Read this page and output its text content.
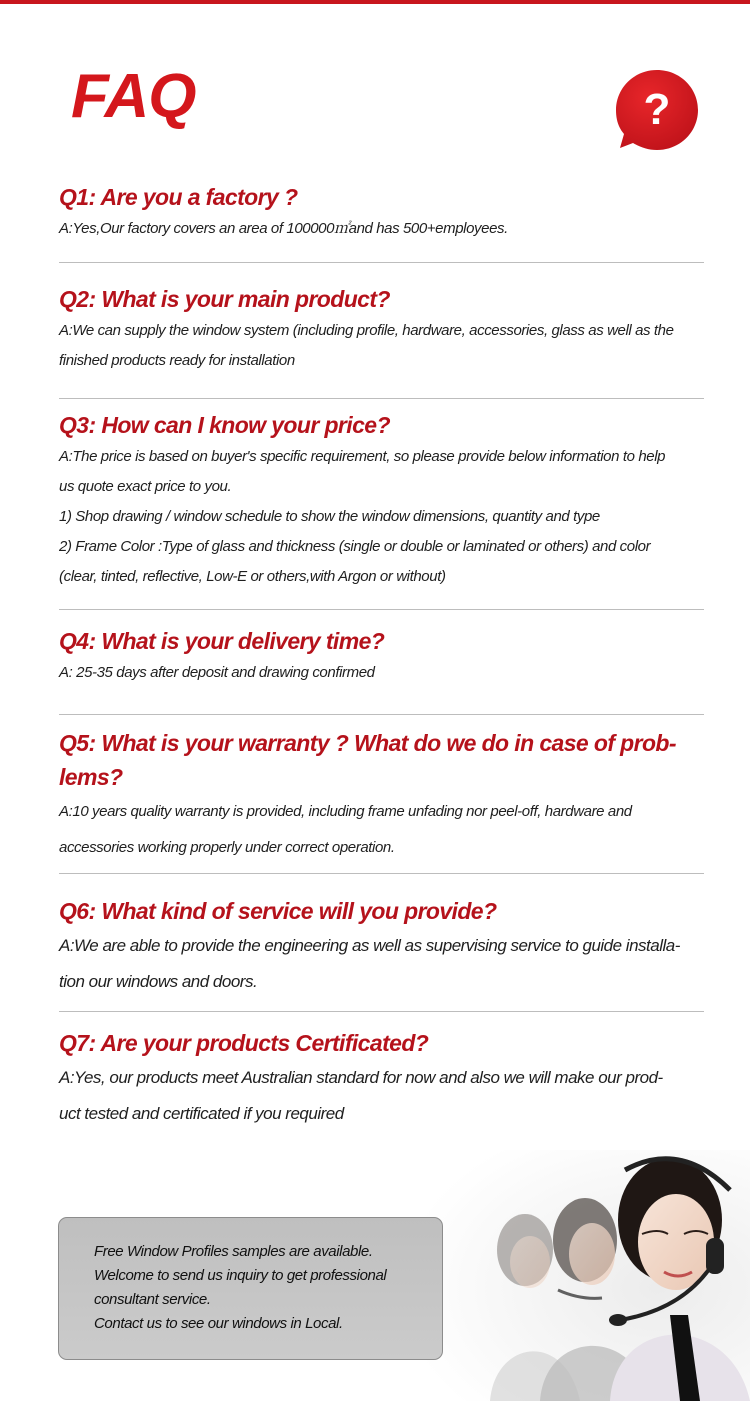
FAQ	?

Q1: Are you a factory ?

A:Yes,Our factory covers an area of 100000㎡and has 500+employees.

Q2: What is your main product?

A:We can supply the window system (including profile, hardware, accessories, glass as well as the

finished products ready for installation

Q3: How can I know your price?

A:The price is based on buyer's specific requirement, so please provide below information to help

us quote exact price to you.

1) Shop drawing / window schedule to show the window dimensions, quantity and type

2) Frame Color :Type of glass and thickness (single or double or laminated or others) and color

(clear, tinted, reflective, Low-E or others,with Argon or without)

Q4: What is your delivery time?

A: 25-35 days after deposit and drawing confirmed

Q5: What is your warranty ? What do we do in case of prob-

lems?

A:10 years quality warranty is provided, including frame unfading nor peel-off, hardware and

accessories working properly under correct operation.

Q6: What kind of service will you provide?

A:We are able to provide the engineering as well as supervising service to guide installa-

tion our windows and doors.

Q7: Are your products Certificated?

A:Yes, our products meet Australian standard for now and also we will make our prod-

uct tested and certificated if you required

Free Window Profiles samples are available.

Welcome to send us inquiry to get professional

consultant service.

Contact us to see our windows in Local.
